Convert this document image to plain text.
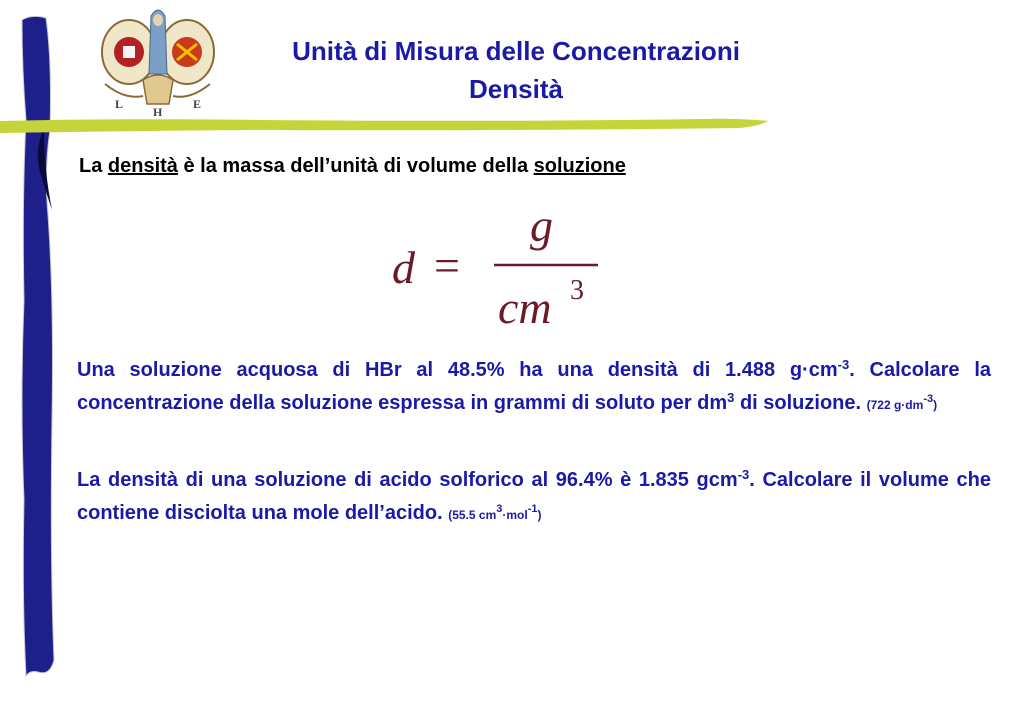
L
H
E
Unità di Misura delle Concentrazioni
Densità
La densità è la massa dell’unità di volume della soluzione
d =
g
cm 3
Una soluzione acquosa di HBr al 48.5% ha una densità di 1.488 $g\cdot cm^{-3}$. Calcolare la concentrazione della soluzione espressa in grammi di soluto per $dm^3$ di soluzione. (722 $g\cdot dm^{-3}$)
La densità di una soluzione di acido solforico al 96.4% è 1.835 gcm$^{-3}$. Calcolare il volume che contiene disciolta una mole dell’acido. (55.5 $cm^3\cdot mol^{-1}$)
